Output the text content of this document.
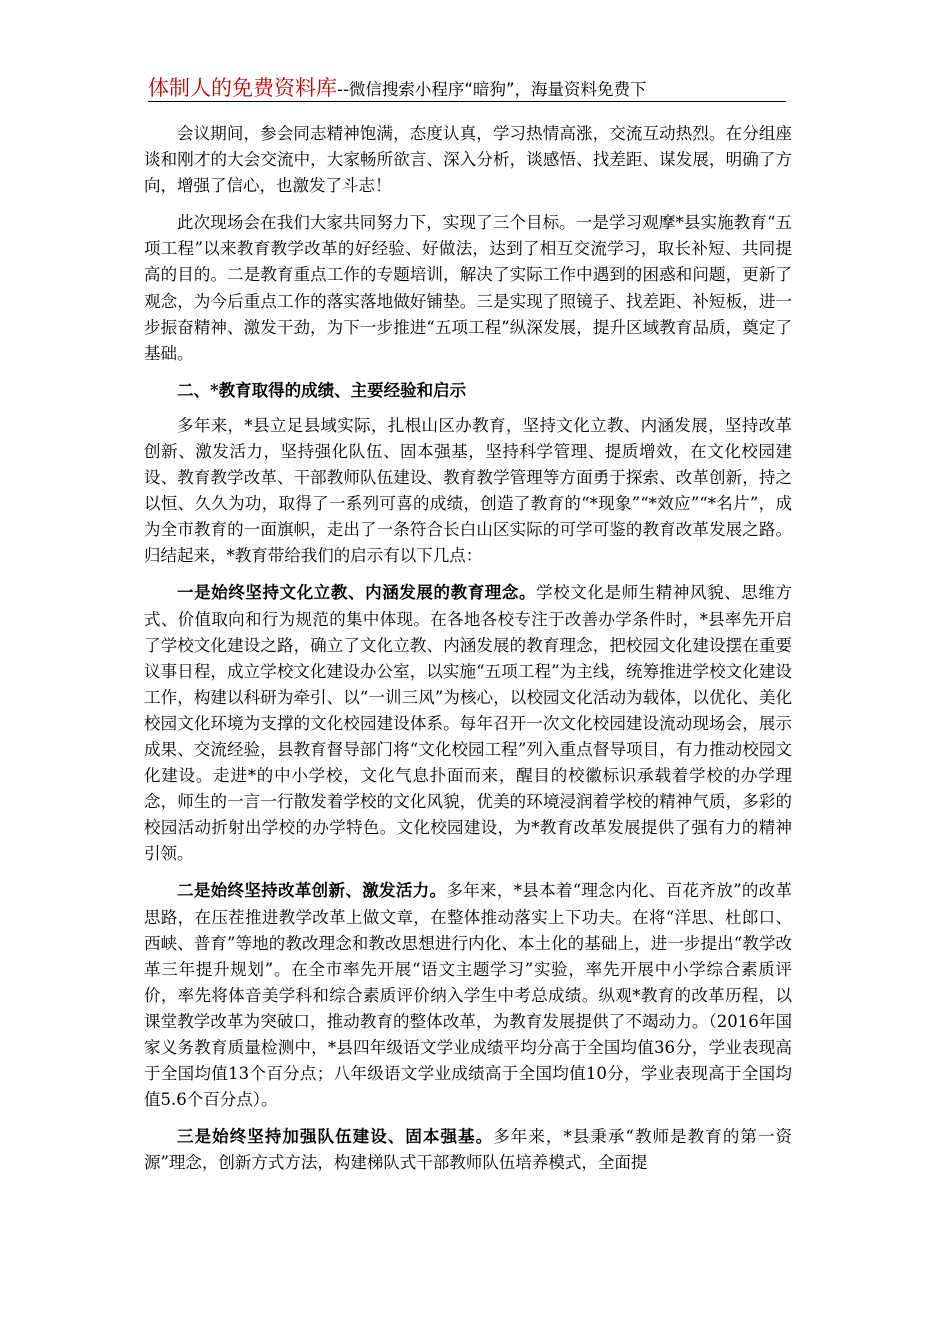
体制人的免费资料库--微信搜索小程序“暗狗”，海量资料免费下

会议期间，参会同志精神饱满，态度认真，学习热情高涨，交流互动热烈。在分组座谈和刚才的大会交流中，大家畅所欲言、深入分析，谈感悟、找差距、谋发展，明确了方向，增强了信心，也激发了斗志！

此次现场会在我们大家共同努力下，实现了三个目标。一是学习观摩*县实施教育“五项工程”以来教育教学改革的好经验、好做法，达到了相互交流学习，取长补短、共同提高的目的。二是教育重点工作的专题培训，解决了实际工作中遇到的困惑和问题，更新了观念，为今后重点工作的落实落地做好铺垫。三是实现了照镜子、找差距、补短板，进一步振奋精神、激发干劲，为下一步推进“五项工程”纵深发展，提升区域教育品质，奠定了基础。

二、*教育取得的成绩、主要经验和启示

多年来，*县立足县域实际，扎根山区办教育，坚持文化立教、内涵发展，坚持改革创新、激发活力，坚持强化队伍、固本强基，坚持科学管理、提质增效，在文化校园建设、教育教学改革、干部教师队伍建设、教育教学管理等方面勇于探索、改革创新，持之以恒、久久为功，取得了一系列可喜的成绩，创造了教育的“*现象”“*效应”“*名片”，成为全市教育的一面旗帜，走出了一条符合长白山区实际的可学可鉴的教育改革发展之路。归结起来，*教育带给我们的启示有以下几点：

一是始终坚持文化立教、内涵发展的教育理念。学校文化是师生精神风貌、思维方式、价值取向和行为规范的集中体现。在各地各校专注于改善办学条件时，*县率先开启了学校文化建设之路，确立了文化立教、内涵发展的教育理念，把校园文化建设摆在重要议事日程，成立学校文化建设办公室，以实施“五项工程”为主线，统筹推进学校文化建设工作，构建以科研为牵引、以“一训三风”为核心，以校园文化活动为载体，以优化、美化校园文化环境为支撑的文化校园建设体系。每年召开一次文化校园建设流动现场会，展示成果、交流经验，县教育督导部门将“文化校园工程”列入重点督导项目，有力推动校园文化建设。走进*的中小学校，文化气息扑面而来，醒目的校徽标识承载着学校的办学理念，师生的一言一行散发着学校的文化风貌，优美的环境浸润着学校的精神气质，多彩的校园活动折射出学校的办学特色。文化校园建设，为*教育改革发展提供了强有力的精神引领。

二是始终坚持改革创新、激发活力。多年来，*县本着“理念内化、百花齐放”的改革思路，在压茬推进教学改革上做文章，在整体推动落实上下功夫。在将“洋思、杜郎口、西峡、普育”等地的教改理念和教改思想进行内化、本土化的基础上，进一步提出“教学改革三年提升规划”。在全市率先开展“语文主题学习”实验，率先开展中小学综合素质评价，率先将体音美学科和综合素质评价纳入学生中考总成绩。纵观*教育的改革历程，以课堂教学改革为突破口，推动教育的整体改革，为教育发展提供了不竭动力。（2016年国家义务教育质量检测中，*县四年级语文学业成绩平均分高于全国均值36分，学业表现高于全国均值13个百分点；八年级语文学业成绩高于全国均值10分，学业表现高于全国均值5.6个百分点）。

三是始终坚持加强队伍建设、固本强基。多年来，*县秉承“教师是教育的第一资源”理念，创新方式方法，构建梯队式干部教师队伍培养模式，全面提
